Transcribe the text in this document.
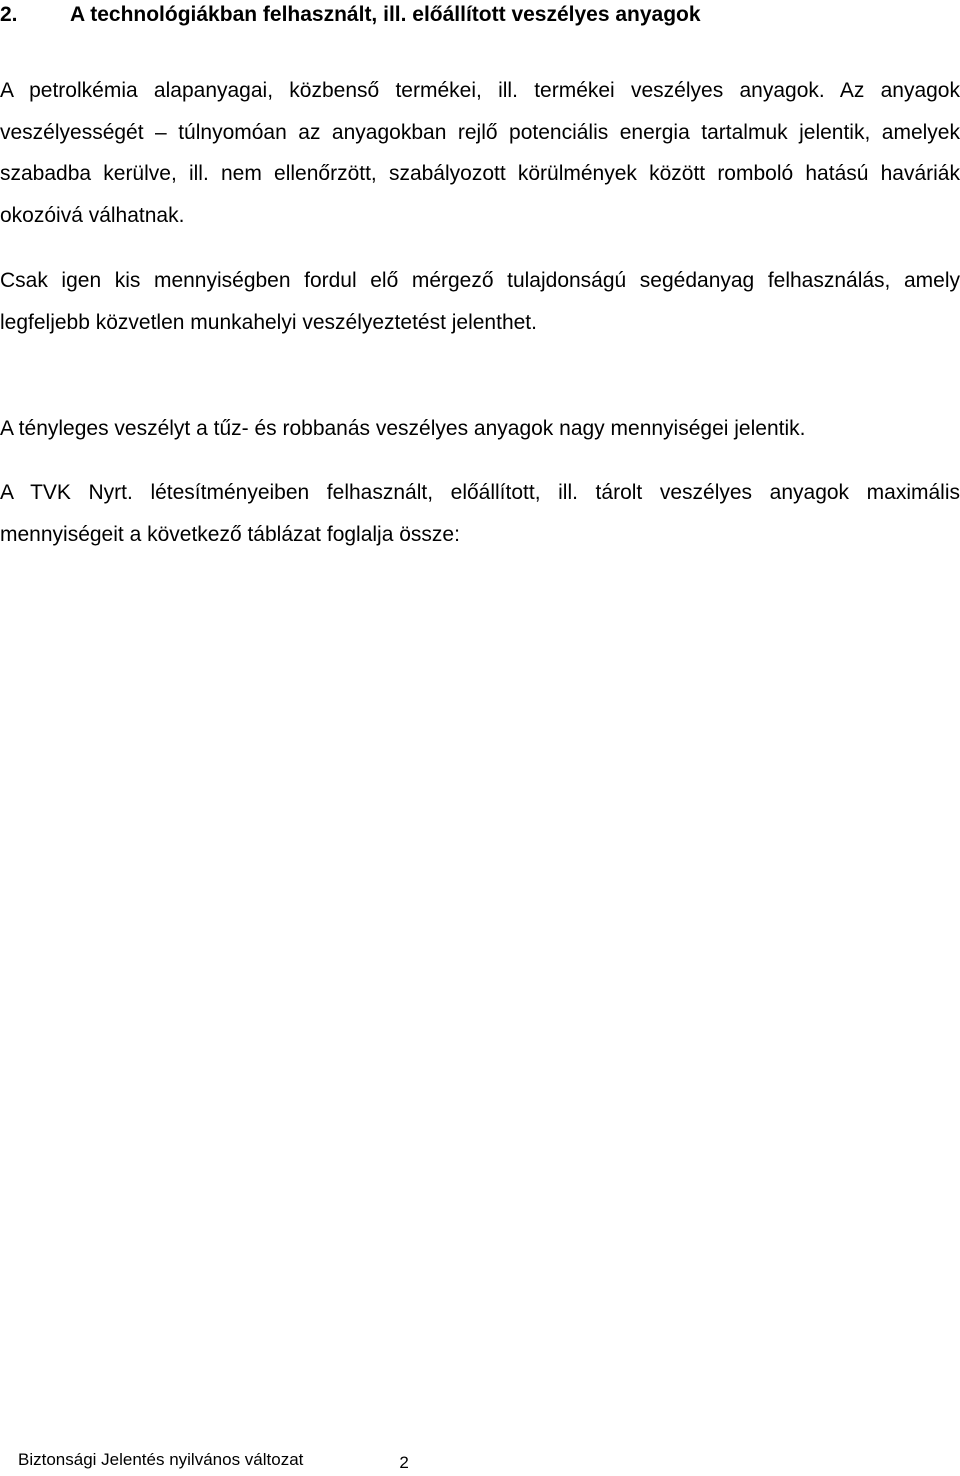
2. A technológiákban felhasznált, ill. előállított veszélyes anyagok

A petrolkémia alapanyagai, közbenső termékei, ill. termékei veszélyes anyagok. Az anyagok veszélyességét – túlnyomóan az anyagokban rejlő potenciális energia tartalmuk jelentik, amelyek szabadba kerülve, ill. nem ellenőrzött, szabályozott körülmények között romboló hatású haváriák okozóivá válhatnak.

Csak igen kis mennyiségben fordul elő mérgező tulajdonságú segédanyag felhasználás, amely legfeljebb közvetlen munkahelyi veszélyeztetést jelenthet.

A tényleges veszélyt a tűz- és robbanás veszélyes anyagok nagy mennyiségei jelentik.

A TVK Nyrt. létesítményeiben felhasznált, előállított, ill. tárolt veszélyes anyagok maximális mennyiségeit a következő táblázat foglalja össze:

Biztonsági Jelentés nyilvános változat	2
